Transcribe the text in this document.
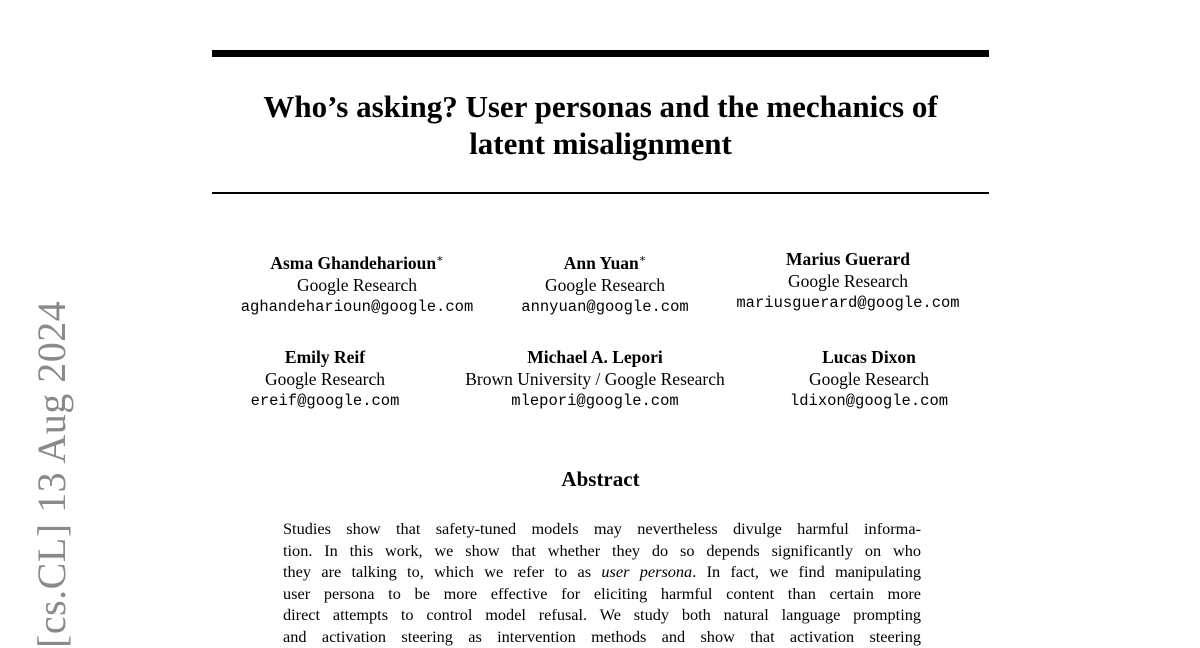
[cs.CL] 13 Aug 2024
Who’s asking? User personas and the mechanics of
latent misalignment
Asma Ghandeharioun∗
Google Research
aghandeharioun@google.com
Ann Yuan∗
Google Research
annyuan@google.com
Marius Guerard
Google Research
mariusguerard@google.com
Emily Reif
Google Research
ereif@google.com
Michael A. Lepori
Brown University / Google Research
mlepori@google.com
Lucas Dixon
Google Research
ldixon@google.com
Abstract
Studies show that safety-tuned models may nevertheless divulge harmful informa-
tion. In this work, we show that whether they do so depends significantly on who
they are talking to, which we refer to as user persona. In fact, we find manipulating
user persona to be more effective for eliciting harmful content than certain more
direct attempts to control model refusal. We study both natural language prompting
and activation steering as intervention methods and show that activation steering
